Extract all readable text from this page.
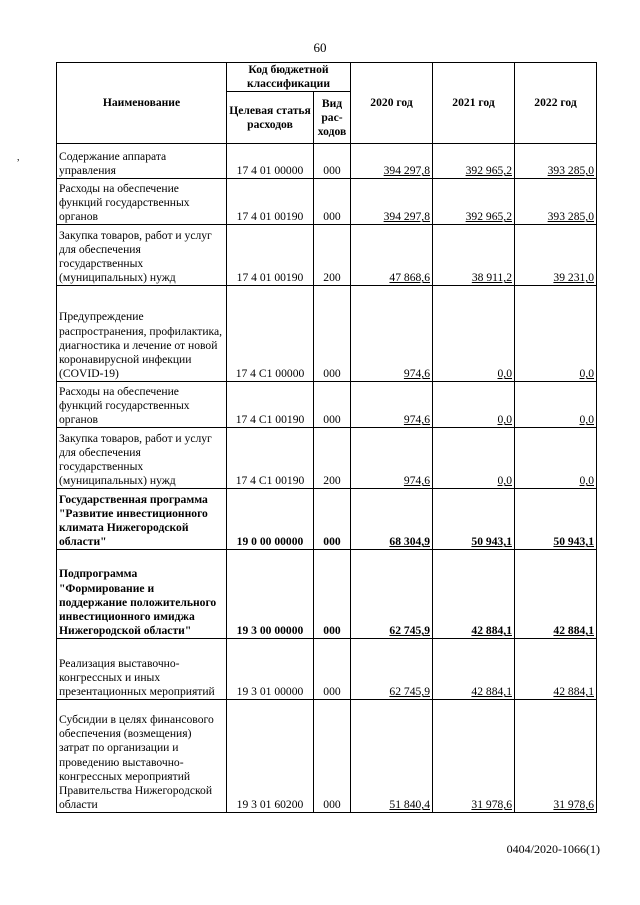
60
,
Наименование	Код бюджетной классификации		2020 год	2021 год	2022 год
	Целевая статья расходов	Вид рас-ходов			
Содержание аппарата управления	17 4 01 00000	000	394 297,8	392 965,2	393 285,0
Расходы на обеспечение функций государственных органов	17 4 01 00190	000	394 297,8	392 965,2	393 285,0
Закупка товаров, работ и услуг для обеспечения государственных (муниципальных) нужд	17 4 01 00190	200	47 868,6	38 911,2	39 231,0
Предупреждение распространения, профилактика, диагностика и лечение от новой коронавирусной инфекции (COVID-19)	17 4 C1 00000	000	974,6	0,0	0,0
Расходы на обеспечение функций государственных органов	17 4 C1 00190	000	974,6	0,0	0,0
Закупка товаров, работ и услуг для обеспечения государственных (муниципальных) нужд	17 4 C1 00190	200	974,6	0,0	0,0
Государственная программа "Развитие инвестиционного климата Нижегородской области"	19 0 00 00000	000	68 304,9	50 943,1	50 943,1
Подпрограмма "Формирование и поддержание положительного инвестиционного имиджа Нижегородской области"	19 3 00 00000	000	62 745,9	42 884,1	42 884,1
Реализация выставочно-конгрессных и иных презентационных мероприятий	19 3 01 00000	000	62 745,9	42 884,1	42 884,1
Субсидии в целях финансового обеспечения (возмещения) затрат по организации и проведению выставочно-конгрессных мероприятий Правительства Нижегородской области	19 3 01 60200	000	51 840,4	31 978,6	31 978,6
0404/2020-1066(1)
